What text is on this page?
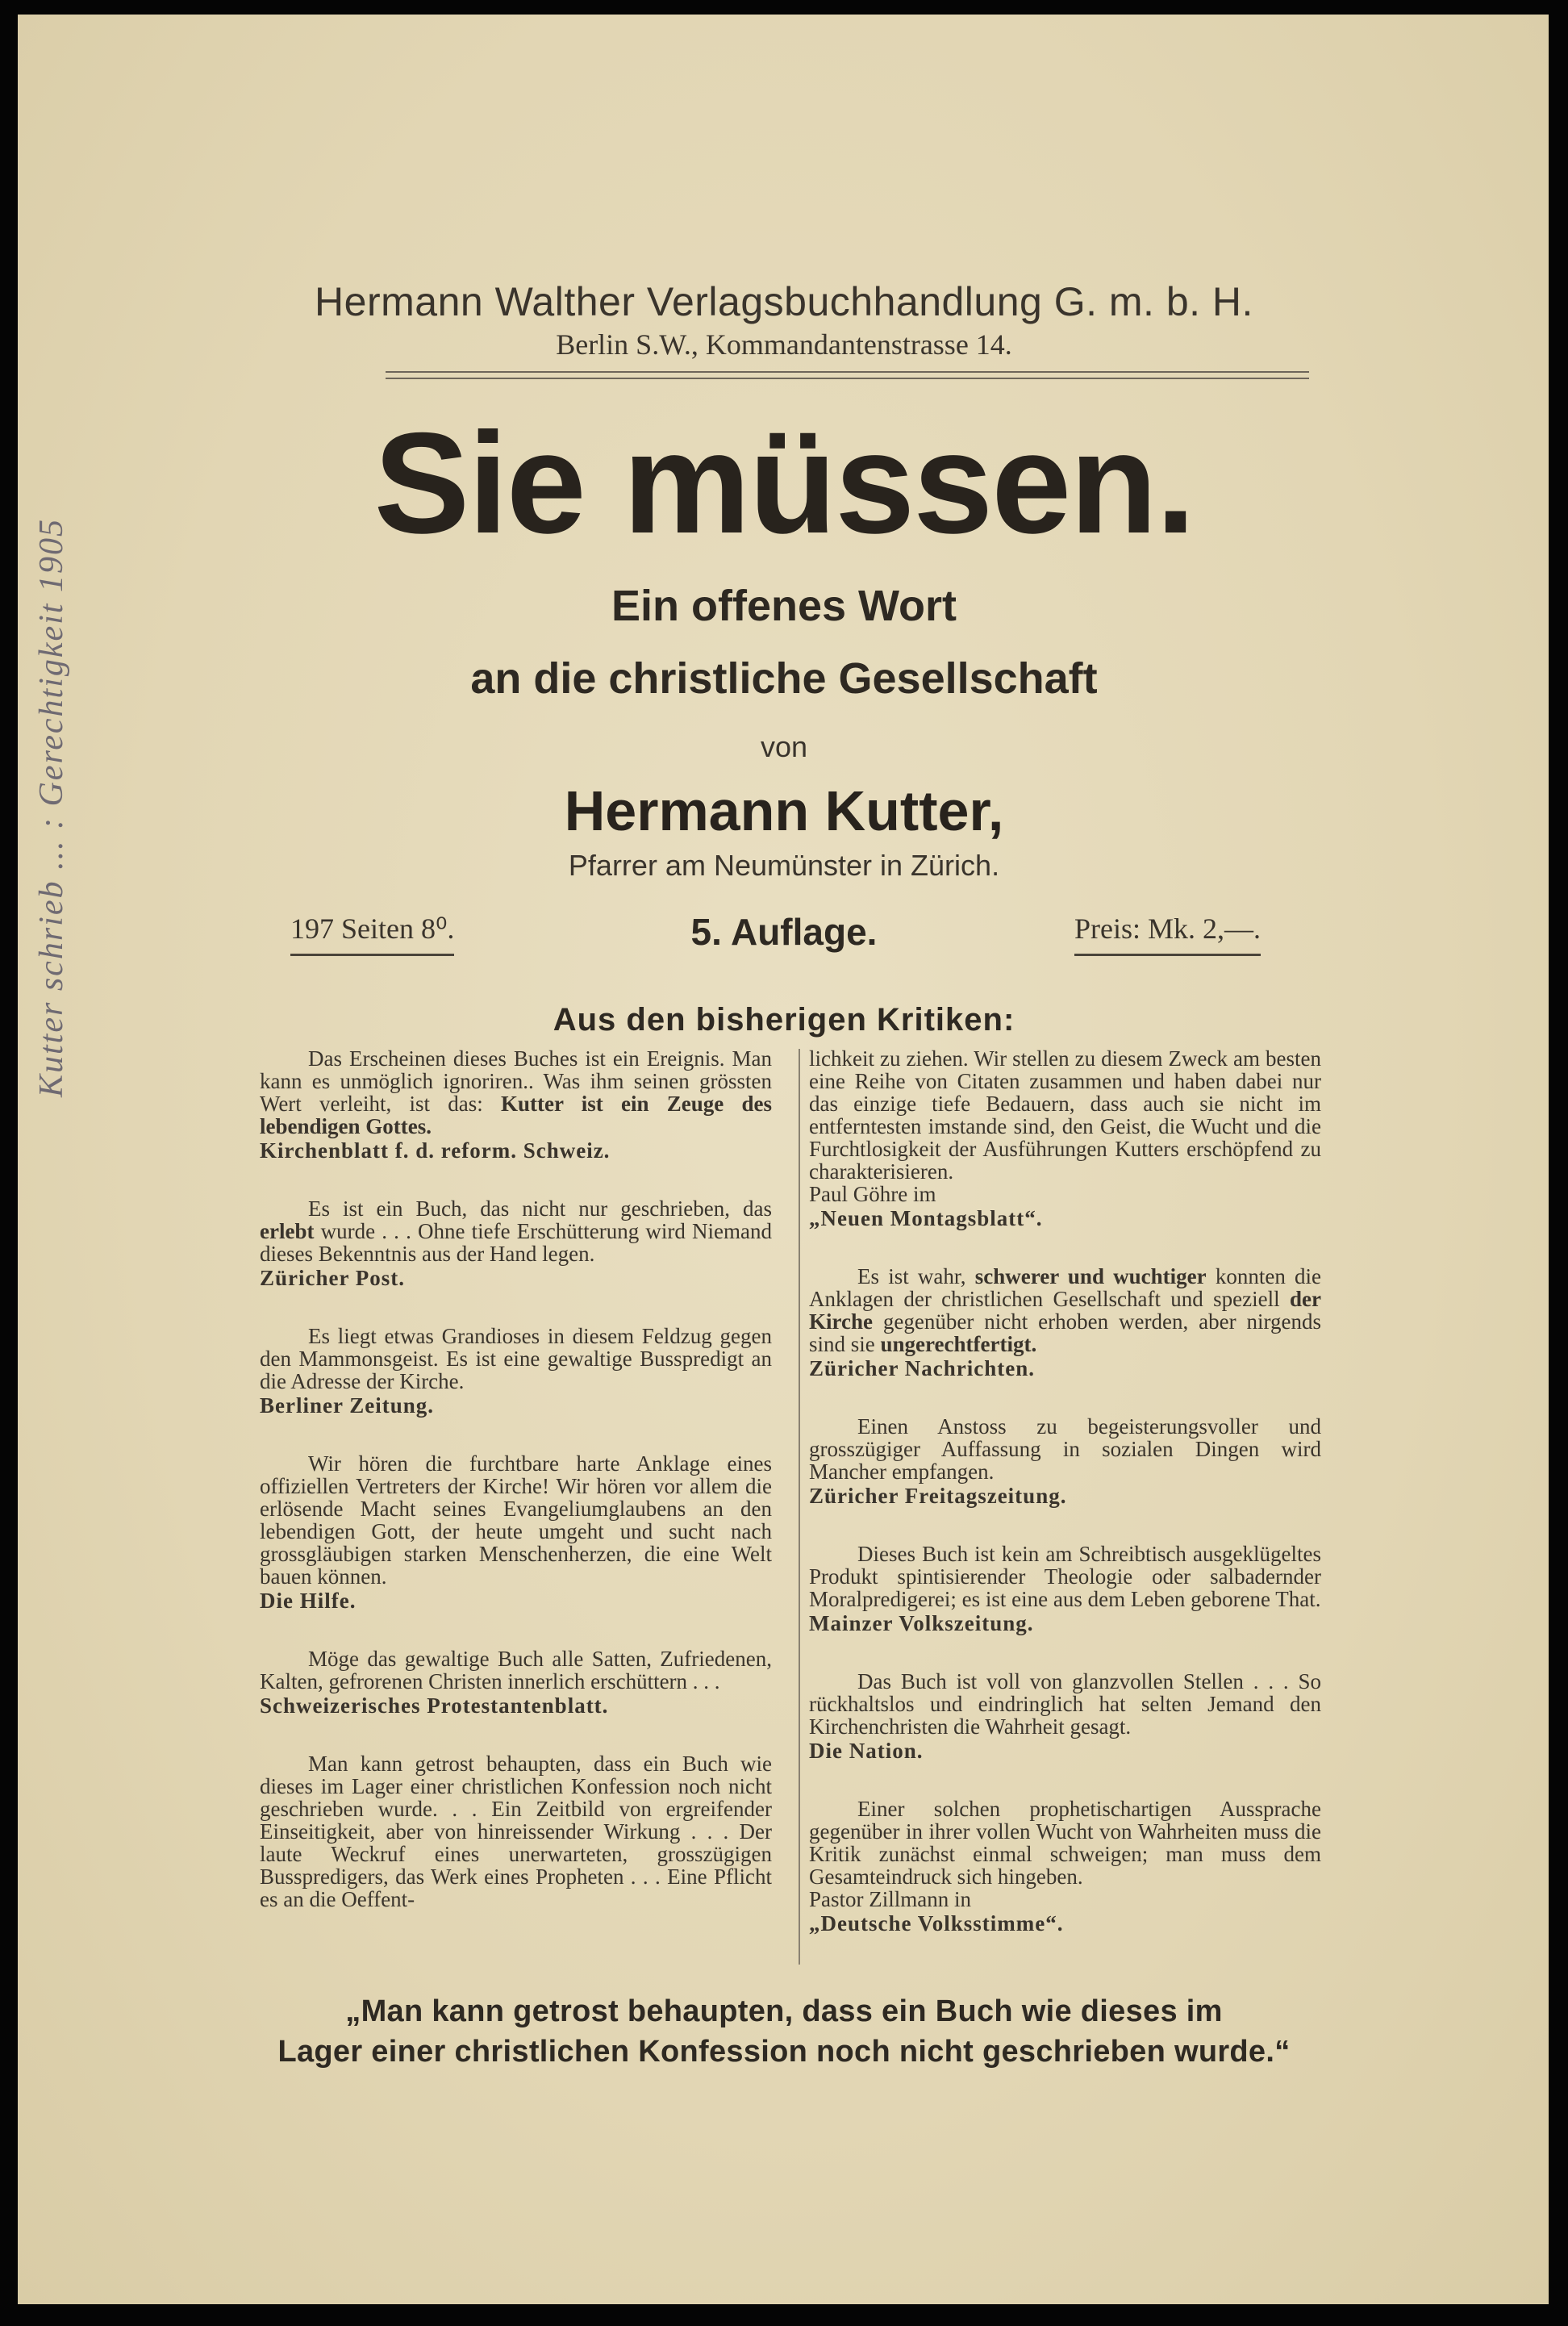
Hermann Walther Verlagsbuchhandlung G. m. b. H.
Berlin S.W., Kommandantenstrasse 14.
Sie müssen.
Ein offenes Wort
an die christliche Gesellschaft
von
Hermann Kutter,
Pfarrer am Neumünster in Zürich.
197 Seiten 8⁰.	5. Auflage.	Preis: Mk. 2,—.
Aus den bisherigen Kritiken:

Das Erscheinen dieses Buches ist ein Ereignis. Man kann es unmöglich ignoriren.. Was ihm seinen grössten Wert verleiht, ist das: Kutter ist ein Zeuge des lebendigen Gottes.
Kirchenblatt f. d. reform. Schweiz.

Es ist ein Buch, das nicht nur geschrieben, das erlebt wurde . . . Ohne tiefe Erschütterung wird Niemand dieses Bekenntnis aus der Hand legen.
Züricher Post.

Es liegt etwas Grandioses in diesem Feldzug gegen den Mammonsgeist. Es ist eine gewaltige Busspredigt an die Adresse der Kirche.
Berliner Zeitung.

Wir hören die furchtbare harte Anklage eines offiziellen Vertreters der Kirche! Wir hören vor allem die erlösende Macht seines Evangeliumglaubens an den lebendigen Gott, der heute umgeht und sucht nach grossgläubigen starken Menschenherzen, die eine Welt bauen können.
Die Hilfe.

Möge das gewaltige Buch alle Satten, Zufriedenen, Kalten, gefrorenen Christen innerlich erschüttern . . .
Schweizerisches Protestantenblatt.

Man kann getrost behaupten, dass ein Buch wie dieses im Lager einer christlichen Konfession noch nicht geschrieben wurde. . . Ein Zeitbild von ergreifender Einseitigkeit, aber von hinreissender Wirkung . . . Der laute Weckruf eines unerwarteten, grosszügigen Busspredigers, das Werk eines Propheten . . . Eine Pflicht es an die Oeffent-

lichkeit zu ziehen. Wir stellen zu diesem Zweck am besten eine Reihe von Citaten zusammen und haben dabei nur das einzige tiefe Bedauern, dass auch sie nicht im entferntesten imstande sind, den Geist, die Wucht und die Furchtlosigkeit der Ausführungen Kutters erschöpfend zu charakterisieren.
Paul Göhre im
„Neuen Montagsblatt“.

Es ist wahr, schwerer und wuchtiger konnten die Anklagen der christlichen Gesellschaft und speziell der Kirche gegenüber nicht erhoben werden, aber nirgends sind sie ungerechtfertigt.
Züricher Nachrichten.

Einen Anstoss zu begeisterungsvoller und grosszügiger Auffassung in sozialen Dingen wird Mancher empfangen.
Züricher Freitagszeitung.

Dieses Buch ist kein am Schreibtisch ausgeklügeltes Produkt spintisierender Theologie oder salbadernder Moralpredigerei; es ist eine aus dem Leben geborene That.
Mainzer Volkszeitung.

Das Buch ist voll von glanzvollen Stellen . . . So rückhaltslos und eindringlich hat selten Jemand den Kirchenchristen die Wahrheit gesagt.
Die Nation.

Einer solchen prophetischartigen Aussprache gegenüber in ihrer vollen Wucht von Wahrheiten muss die Kritik zunächst einmal schweigen; man muss dem Gesamteindruck sich hingeben.
Pastor Zillmann in
„Deutsche Volksstimme“.

„Man kann getrost behaupten, dass ein Buch wie dieses im
Lager einer christlichen Konfession noch nicht geschrieben wurde.“
Kutter schrieb ... : Gerechtigkeit 1905
